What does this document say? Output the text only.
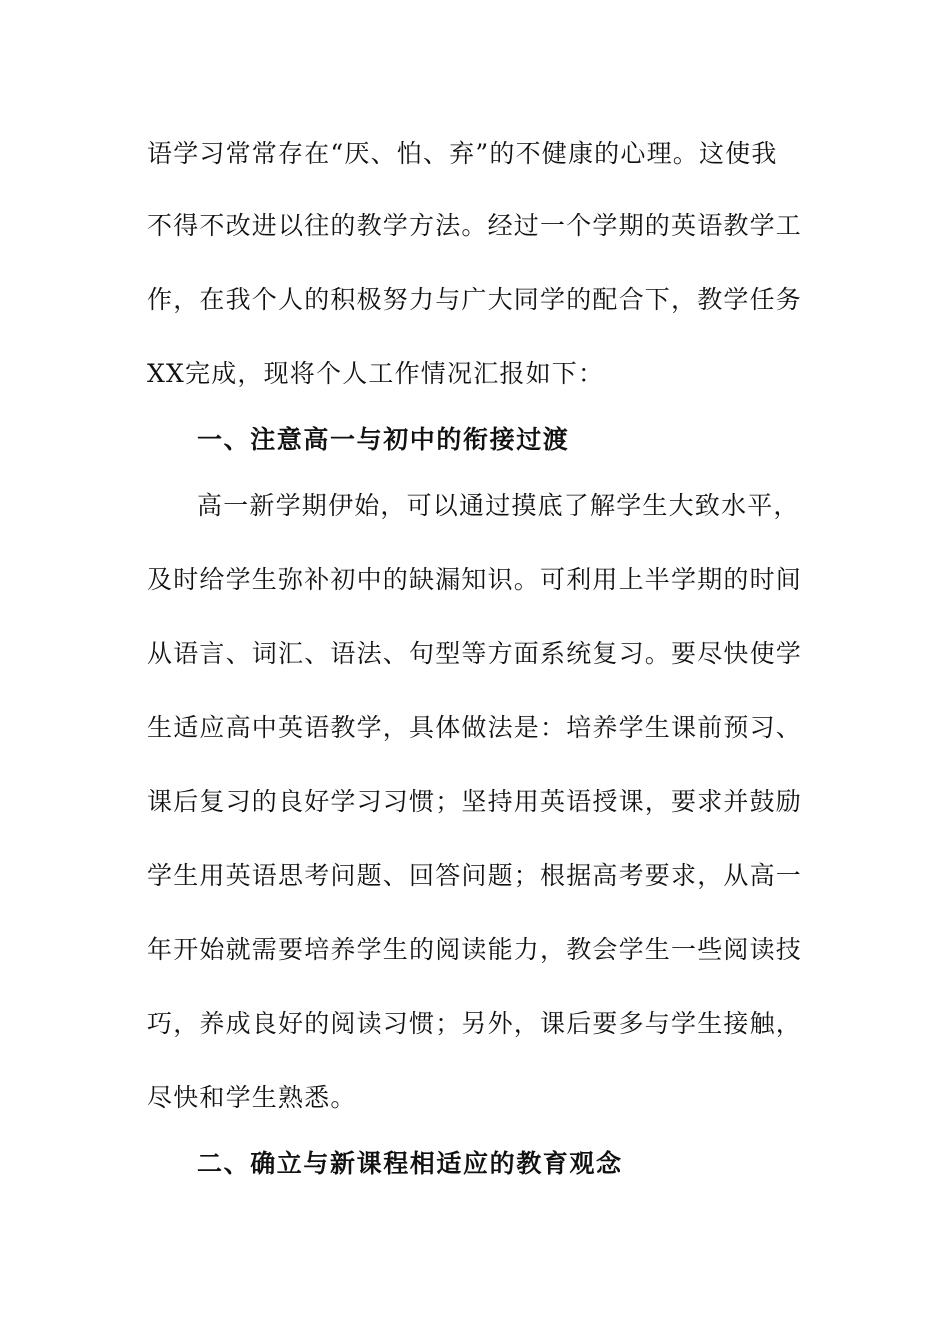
语学习常常存在“厌、怕、弃”的不健康的心理。这使我
不得不改进以往的教学方法。经过一个学期的英语教学工
作，在我个人的积极努力与广大同学的配合下，教学任务
XX完成，现将个人工作情况汇报如下：
一、注意高一与初中的衔接过渡
高一新学期伊始，可以通过摸底了解学生大致水平，
及时给学生弥补初中的缺漏知识。可利用上半学期的时间
从语言、词汇、语法、句型等方面系统复习。要尽快使学
生适应高中英语教学，具体做法是：培养学生课前预习、
课后复习的良好学习习惯；坚持用英语授课，要求并鼓励
学生用英语思考问题、回答问题；根据高考要求，从高一
年开始就需要培养学生的阅读能力，教会学生一些阅读技
巧，养成良好的阅读习惯；另外，课后要多与学生接触，
尽快和学生熟悉。
二、确立与新课程相适应的教育观念
